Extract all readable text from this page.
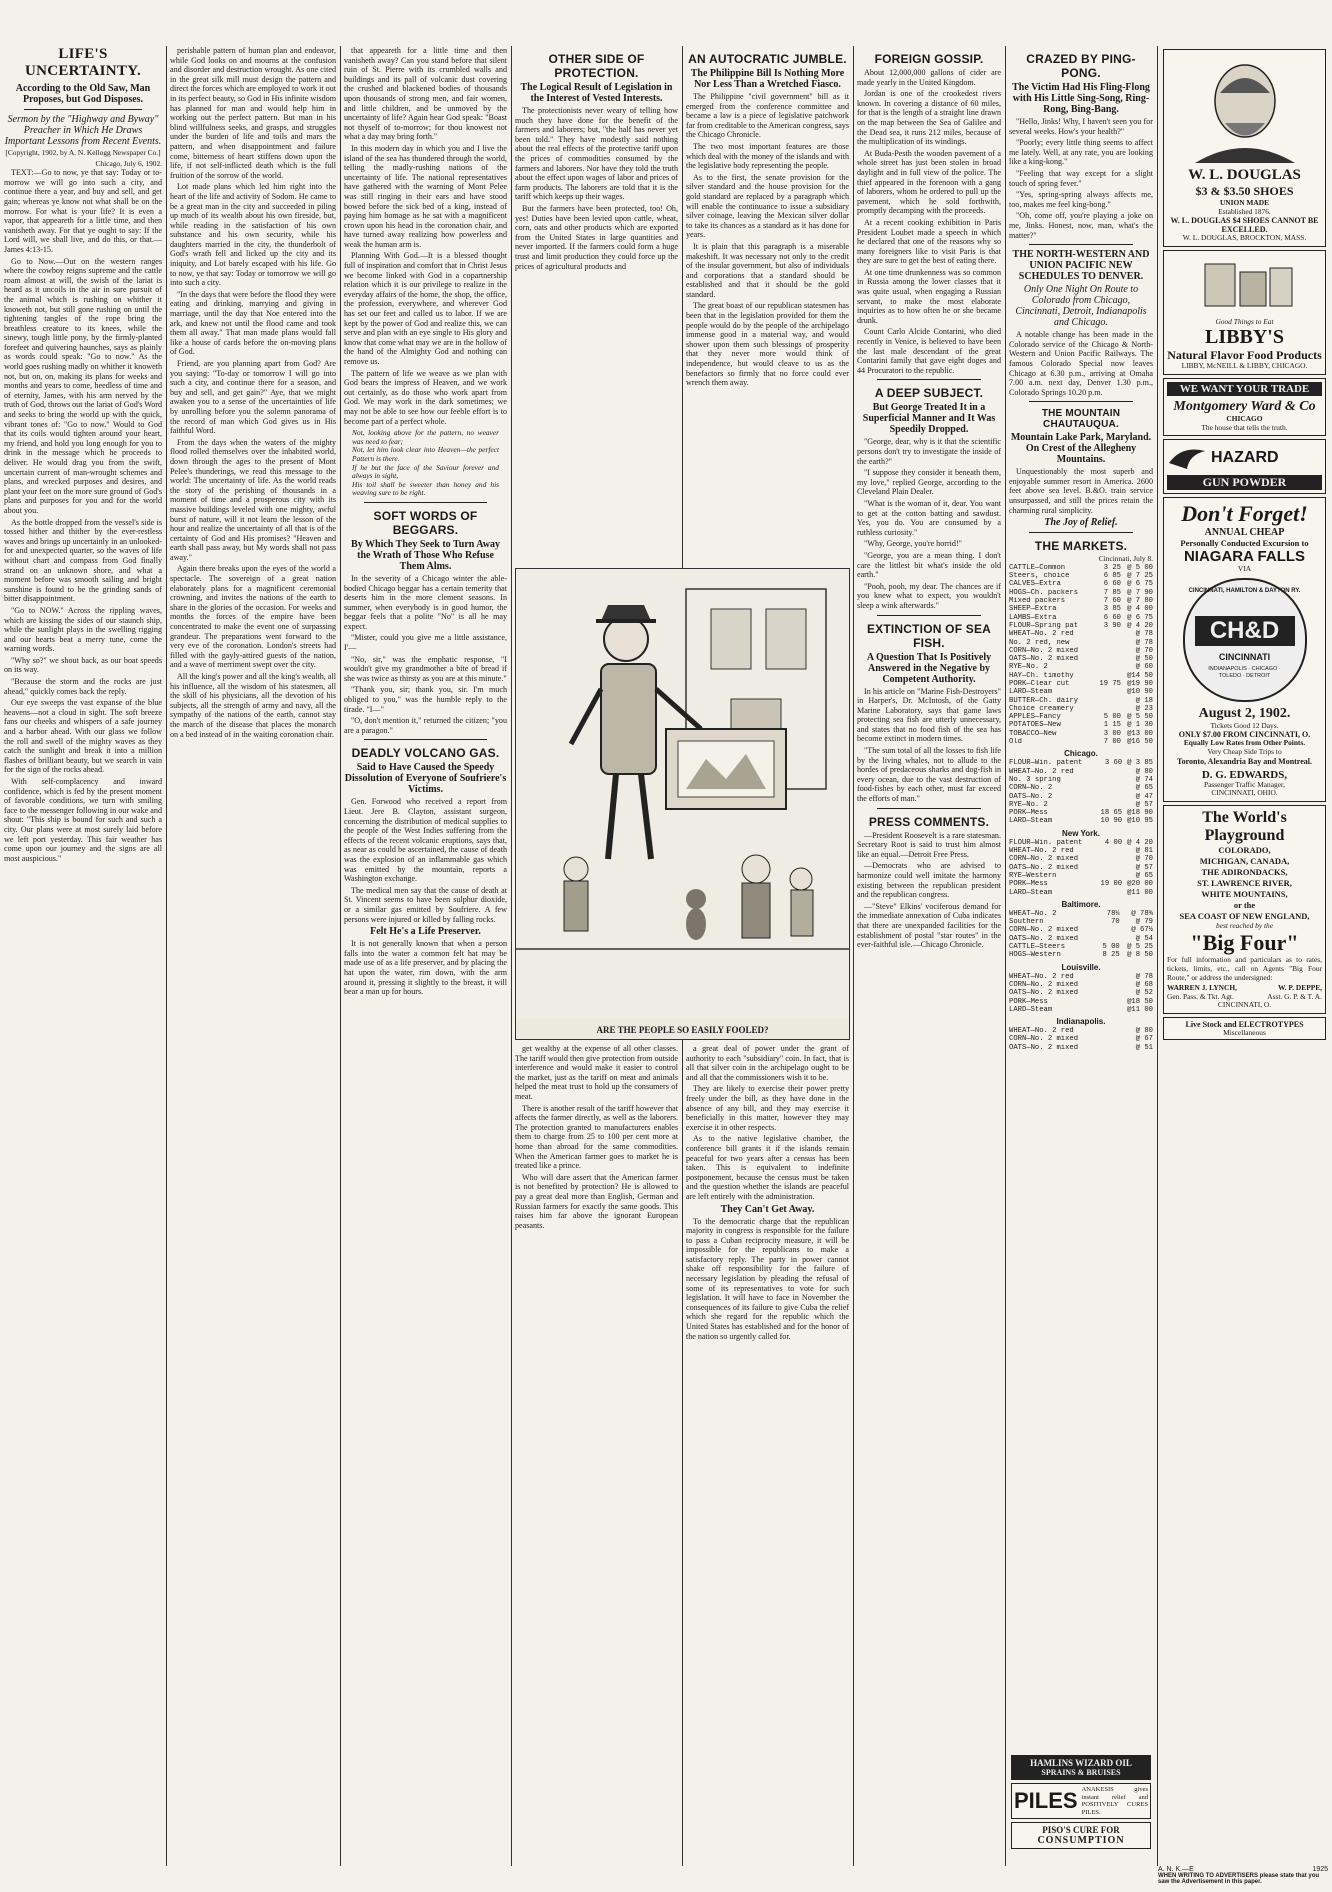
LIFE'S UNCERTAINTY.
According to the Old Saw, Man Proposes, but God Disposes.
Sermon by the "Highway and Byway" Preacher in Which He Draws Important Lessons from Recent Events.
[Copyright, 1902, by A. N. Kellogg Newspaper Co.]
Chicago, July 6, 1902.

TEXT:—Go to now, ye that say: Today or to-morrow we will go into such a city, and continue there a year, and buy and sell, and get gain; whereas ye know not what shall be on the morrow. For what is your life? It is even a vapor, that appeareth for a little time, and then vanisheth away. For that ye ought to say: If the Lord will, we shall live, and do this, or that.—James 4:13-15.

Go to Now.—Out on the western ranges where the cowboy reigns supreme and the cattle roam almost at will, the swish of the lariat is heard as it uncoils in the air in sure pursuit of the animal which is rushing on whither it knoweth not, but still gone rushing on until the tightening tangles of the rope bring the breathless creature to its knees, while the sinewy, tough little pony, by the firmly-planted forefeet and quivering haunches, says as plainly as words could speak: "Go to now." As the world goes rushing madly on whither it knoweth not, but on, on, making its plans for weeks and months and years to come, heedless of time and of eternity, James, with his arm nerved by the truth of God, throws out the lariat of God's Word and seeks to bring the world up with the quick, vibrant tones of: "Go to now." Would to God that its coils would tighten around your heart, my friend, and hold you long enough for you to drink in the message which he proceeds to deliver. He would drag you from the swift, uncertain current of man-wrought schemes and plans, and wrecked purposes and desires, and plant your feet on the more sure ground of God's plans and purposes for you and for the world about you.

As the bottle dropped from the vessel's side is tossed hither and thither by the ever-restless waves and brings up uncertainly in an unlooked-for and unexpected quarter, so the waves of life without chart and compass from God finally strand on an unknown shore, and what a moment before was smooth sailing and bright sunshine is found to be the grinding sands of bitter disappointment.

"Go to NOW." Across the rippling waves, which are kissing the sides of our staunch ship, while the sunlight plays in the swelling rigging and our hearts beat a merry tune, come the warning words.

"Why so?" we shout back, as our boat speeds on its way.

"Because the storm and the rocks are just ahead," quickly comes back the reply.

Our eye sweeps the vast expanse of the blue heavens—not a cloud in sight. The soft breeze fans our cheeks and whispers of a safe journey and a harbor ahead. With our glass we follow the roll and swell of the mighty waves as they catch the sunlight and break it into a million flashes of brilliant beauty, but we search in vain for the sign of the rocks ahead.

With self-complacency and inward confidence, which is fed by the present moment of favorable conditions, we turn with smiling face to the messenger following in our wake and shout: "This ship is bound for such and such a city. Our plans were at most surely laid before we left port yesterday. This fair weather has come upon our journey and the signs are all most auspicious."

perishable pattern of human plan and endeavor, while God looks on and mourns at the confusion and disorder and destruction wrought. As one cited in the great silk mill must design the pattern and direct the forces which are employed to work it out in its perfect beauty, so God in His infinite wisdom has planned for man and would help him in working out the perfect pattern. But man in his blind willfulness seeks, and grasps, and struggles under the burden of life and toils and mars the pattern, and when disappointment and failure come, bitterness of heart stiffens down upon the life, if not self-inflicted death which is the full fruition of the sorrow of the world.

Lot made plans which led him right into the heart of the life and activity of Sodom. He came to be a great man in the city and succeeded in piling up much of its wealth about his own fireside, but, while reading in the satisfaction of his own substance and his own security, while his daughters married in the city, the thunderbolt of God's wrath fell and licked up the city and its iniquity, and Lot barely escaped with his life. Go to now, ye that say: Today or tomorrow we will go into such a city.

"In the days that were before the flood they were eating and drinking, marrying and giving in marriage, until the day that Noe entered into the ark, and knew not until the flood came and took them all away." That man made plans would fall like a house of cards before the on-moving plans of God.

Friend, are you planning apart from God? Are you saying: "To-day or tomorrow I will go into such a city, and continue there for a season, and buy and sell, and get gain?" Aye, that we might awaken you to a sense of the uncertainties of life by unrolling before you the solemn panorama of the record of man which God gives us in His faithful Word.

From the days when the waters of the mighty flood rolled themselves over the inhabited world, down through the ages to the present of Mont Pelee's thunderings, we read this message to the world: The uncertainty of life. As the world reads the story of the perishing of thousands in a moment of time and a prosperous city with its massive buildings leveled with one mighty, awful burst of nature, will it not learn the lesson of the hour and realize the uncertainty of all that is of the certainty of God and His promises? "Heaven and earth shall pass away, but My words shall not pass away."

Again there breaks upon the eyes of the world a spectacle. The sovereign of a great nation elaborately plans for a magnificent ceremonial crowning, and invites the nations of the earth to share in the glories of the occasion. For weeks and months the forces of the empire have been concentrated to make the event one of surpassing grandeur. The preparations went forward to the very eve of the coronation. London's streets had filled with the gayly-attired guests of the nation, and a wave of merriment swept over the city.

All the king's power and all the king's wealth, all his influence, all the wisdom of his statesmen, all the skill of his physicians, all the devotion of his subjects, all the strength of army and navy, all the sympathy of the nations of the earth, cannot stay the march of the disease that places the monarch on a bed instead of in the waiting coronation chair.

that appeareth for a little time and then vanisheth away? Can you stand before that silent ruin of St. Pierre with its crumbled walls and buildings and its pall of volcanic dust covering the crushed and blackened bodies of thousands upon thousands of strong men, and fair women, and little children, and be unmoved by the uncertainty of life? Again hear God speak: "Boast not thyself of to-morrow; for thou knowest not what a day may bring forth."

In this modern day in which you and I live the island of the sea has thundered through the world, telling the madly-rushing nations of the uncertainty of life. The national representatives have gathered with the warning of Mont Pelee was still ringing in their ears and have stood bowed before the sick bed of a king, instead of paying him homage as he sat with a magnificent crown upon his head in the coronation chair, and have turned away realizing how powerless and weak the human arm is.

Planning With God.—It is a blessed thought full of inspiration and comfort that in Christ Jesus we become linked with God in a copartnership relation which it is our privilege to realize in the everyday affairs of the home, the shop, the office, the profession, everywhere, and wherever God has set our feet and called us to labor. If we are kept by the power of God and realize this, we can serve and plan with an eye single to His glory and know that come what may we are in the hollow of the hand of the Almighty God and nothing can remove us.

The pattern of life we weave as we plan with God bears the impress of Heaven, and we work out certainly, as do those who work apart from God. We may work in the dark sometimes; we may not be able to see how our feeble effort is to become part of a perfect whole.

Not, looking above for the pattern, no weaver was need to fear;
Not, let him look clear into Heaven—the perfect Pattern is there.
If he but the face of the Saviour forever and always in sight,
His toil shall be sweeter than honey and his weaving sure to be right.
SOFT WORDS OF BEGGARS.
By Which They Seek to Turn Away the Wrath of Those Who Refuse Them Alms.

In the severity of a Chicago winter the able-bodied Chicago beggar has a certain temerity that deserts him in the more clement seasons. In summer, when everybody is in good humor, the beggar feels that a polite "No" is all he may expect.

"Mister, could you give me a little assistance, I'—

"No, sir," was the emphatic response, "I wouldn't give my grandmother a bite of bread if she was twice as thirsty as you are at this minute."

"Thank you, sir; thank you, sir. I'm much obliged to you," was the humble reply to the tirade. "I—"

"O, don't mention it," returned the citizen; "you are a paragon."

DEADLY VOLCANO GAS.
Said to Have Caused the Speedy Dissolution of Everyone of Soufriere's Victims.

Gen. Forwood who received a report from Lieut. Jere B. Clayton, assistant surgeon, concerning the distribution of medical supplies to the people of the West Indies suffering from the effects of the recent volcanic eruptions, says that, as near as could be ascertained, the cause of death was the explosion of an inflammable gas which was emitted by the mountain, reports a Washington exchange.

The medical men say that the cause of death at St. Vincent seems to have been sulphur dioxide, or a similar gas emitted by Soufriere. A few persons were injured or killed by falling rocks.

Felt He's a Life Preserver.

It is not generally known that when a person falls into the water a common felt hat may be made use of as a life preserver, and by placing the hat upon the water, rim down, with the arm around it, pressing it slightly to the breast, it will bear a man up for hours.

OTHER SIDE OF PROTECTION.
The Logical Result of Legislation in the Interest of Vested Interests.

The protectionists never weary of telling how much they have done for the benefit of the farmers and laborers; but, "the half has never yet been told." They have modestly said nothing about the real effects of the protective tariff upon the prices of commodities consumed by the farmers and laborers. Nor have they told the truth about the effect upon wages of labor and prices of farm products. The laborers are told that it is the tariff which keeps up their wages.

But the farmers have been protected, too! Oh, yes! Duties have been levied upon cattle, wheat, corn, oats and other products which are exported from the United States in large quantities and never imported. If the farmers could form a huge trust and limit production they could force up the prices of agricultural products and

AN AUTOCRATIC JUMBLE.
The Philippine Bill Is Nothing More Nor Less Than a Wretched Fiasco.

The Philippine "civil government" bill as it emerged from the conference committee and became a law is a piece of legislative patchwork far from creditable to the American congress, says the Chicago Chronicle.

The two most important features are those which deal with the money of the islands and with the legislative body representing the people.

As to the first, the senate provision for the silver standard and the house provision for the gold standard are replaced by a paragraph which will enable the continuance to issue a subsidiary silver coinage, leaving the Mexican silver dollar to take its chances as a standard as it has done for years.

It is plain that this paragraph is a miserable makeshift. It was necessary not only to the credit of the insular government, but also of individuals and corporations that a standard should be established and that it should be the gold standard.

The great boast of our republican statesmen has been that in the legislation provided for them the people would do by the people of the archipelago immense good in a material way, and would shower upon them such blessings of prosperity that they never more would think of independence, but would cleave to us as the benefactors so firmly that no force could ever wrench them away.

ARE THE PEOPLE SO EASILY FOOLED?

get wealthy at the expense of all other classes. The tariff would then give protection from outside interference and would make it easier to control the market, just as the tariff on meat and animals helped the meat trust to hold up the consumers of meat.

There is another result of the tariff however that affects the farmer directly, as well as the laborers. The protection granted to manufacturers enables them to charge from 25 to 100 per cent more at home than abroad for the same commodities. When the American farmer goes to market he is treated like a prince.

Who will dare assert that the American farmer is not benefited by protection? He is allowed to pay a great deal more than English, German and Russian farmers for exactly the same goods. This raises him far above the ignorant European peasants.

a great deal of power under the grant of authority to each "subsidiary" coin. In fact, that is all that silver coin in the archipelago ought to be and all that the commissioners wish it to be.

They are likely to exercise their power pretty freely under the bill, as they have done in the absence of any bill, and they may exercise it beneficially in this matter, however they may exercise it in other respects.

As to the native legislative chamber, the conference bill grants it if the islands remain peaceful for two years after a census has been taken. This is equivalent to indefinite postponement, because the census must be taken and the question whether the islands are peaceful are left entirely with the administration.

They Can't Get Away.

To the democratic charge that the republican majority in congress is responsible for the failure to pass a Cuban reciprocity measure, it will be impossible for the republicans to make a satisfactory reply. The party in power cannot shake off responsibility for the failure of necessary legislation by pleading the refusal of some of its representatives to vote for such legislation. It will have to face in November the consequences of its failure to give Cuba the relief which she regard for the republic which the United States has established and for the honor of the nation so urgently called for.

FOREIGN GOSSIP.

About 12,000,000 gallons of cider are made yearly in the United Kingdom.

Jordan is one of the crookedest rivers known. In covering a distance of 60 miles, for that is the length of a straight line drawn on the map between the Sea of Galilee and the Dead sea, it runs 212 miles, because of the multiplication of its windings.

At Buda-Pesth the wooden pavement of a whole street has just been stolen in broad daylight and in full view of the police. The thief appeared in the forenoon with a gang of laborers, whom he ordered to pull up the pavement, which he sold forthwith, promptly decamping with the proceeds.

At a recent cooking exhibition in Paris President Loubet made a speech in which he declared that one of the reasons why so many foreigners like to visit Paris is that they are sure to get the best of eating there.

At one time drunkenness was so common in Russia among the lower classes that it was quite usual, when engaging a Russian servant, to make the most elaborate inquiries as to how often he or she became drunk.

Count Carlo Alcide Contarini, who died recently in Venice, is believed to have been the last male descendant of the great Contarini family that gave eight doges and 44 Procuratori to the republic.

A DEEP SUBJECT.
But George Treated It in a Superficial Manner and It Was Speedily Dropped.

"George, dear, why is it that the scientific persons don't try to investigate the inside of the earth?"

"I suppose they consider it beneath them, my love," replied George, according to the Cleveland Plain Dealer.

"What is the woman of it, dear. You want to get at the cotton batting and sawdust. Yes, you do. You are consumed by a ruthless curiosity."

"Why, George, you're horrid!"

"George, you are a mean thing. I don't care the littlest bit what's inside the old earth."

"Pooh, pooh, my dear. The chances are if you knew what to expect, you wouldn't sleep a wink afterwards."

EXTINCTION OF SEA FISH.
A Question That Is Positively Answered in the Negative by Competent Authority.

In his article on "Marine Fish-Destroyers" in Harper's, Dr. McIntosh, of the Gatty Marine Laboratory, says that game laws protecting sea fish are utterly unnecessary, and states that no food fish of the sea has become extinct in modern times.

"The sum total of all the losses to fish life by the living whales, not to allude to the hordes of predaceous sharks and dog-fish in every ocean, due to the vast destruction of food-fishes by each other, must far exceed the efforts of man."

PRESS COMMENTS.

—President Roosevelt is a rare statesman. Secretary Root is said to trust him almost like an equal.—Detroit Free Press.

—Democrats who are advised to harmonize could well imitate the harmony existing between the republican president and the republican congress.

—"Steve" Elkins' vociferous demand for the immediate annexation of Cuba indicates that there are unexpanded facilities for the establishment of postal "star routes" in the ever-faithful isle.—Chicago Chronicle.

CRAZED BY PING-PONG.
The Victim Had His Fling-Flong with His Little Sing-Song, Ring-Rong, Bing-Bang.

"Hello, Jinks! Why, I haven't seen you for several weeks. How's your health?"

"Poorly; every little thing seems to affect me lately. Well, at any rate, you are looking like a king-kong."

"Feeling that way except for a slight touch of spring fever."

"Yes, spring-spring always affects me, too, makes me feel king-bong."

"Oh, come off, you're playing a joke on me, Jinks. Honest, now, man, what's the matter?"

THE NORTH-WESTERN AND UNION PACIFIC NEW SCHEDULES TO DENVER.
Only One Night On Route to Colorado from Chicago, Cincinnati, Detroit, Indianapolis and Chicago.

A notable change has been made in the Colorado service of the Chicago & North-Western and Union Pacific Railways. The famous Colorado Special now leaves Chicago at 6.30 p.m., arriving at Omaha 7.00 a.m. next day, Denver 1.30 p.m., Colorado Springs 10.20 p.m.

THE MOUNTAIN CHAUTAUQUA.
Mountain Lake Park, Maryland. On Crest of the Allegheny Mountains.

Unquestionably the most superb and enjoyable summer resort in America. 2600 feet above sea level. B.&O. train service unsurpassed, and still the prices retain the charming rural simplicity.

The Joy of Relief.
THE MARKETS.
Cincinnati, July 8.
CATTLE—Common	3 25	@ 5 00
Steers, choice	6 85	@ 7 25
CALVES—Extra	6 60	@ 6 75
HOGS—Ch. packers	7 85	@ 7 90
Mixed packers	7 60	@ 7 80
SHEEP—Extra	3 85	@ 4 00
LAMBS—Extra	6 60	@ 6 75
FLOUR—Spring pat	3 90	@ 4 20
WHEAT—No. 2 red		@ 78
No. 2 red, new		@ 78
CORN—No. 2 mixed		@ 70
OATS—No. 2 mixed		@ 50
RYE—No. 2		@ 60
HAY—Ch. timothy		@14 50
PORK—Clear cut	19 75	@19 90
LARD—Steam		@10 90
BUTTER—Ch. dairy		@ 18
Choice creamery		@ 23
APPLES—Fancy	5 00	@ 5 50
POTATOES—New	1 15	@ 1 30
TOBACCO—New	3 00	@13 00
Old	7 00	@16 50
Chicago.
FLOUR—Win. patent	3 60	@ 3 85
WHEAT—No. 2 red		@ 80
No. 3 spring		@ 74
CORN—No. 2		@ 65
OATS—No. 2		@ 47
RYE—No. 2		@ 57
PORK—Mess	18 65	@18 90
LARD—Steam	10 90	@10 95
New York.
FLOUR—Win. patent	4 00	@ 4 20
WHEAT—No. 2 red		@ 81
CORN—No. 2 mixed		@ 70
OATS—No. 2 mixed		@ 57
RYE—Western		@ 65
PORK—Mess	19 00	@20 00
LARD—Steam		@11 00
Baltimore.
WHEAT—No. 2	78¼	@ 78¾
Southern	70	@ 79
CORN—No. 2 mixed		@ 67½
OATS—No. 2 mixed		@ 54
CATTLE—Steers	5 00	@ 5 25
HOGS—Western	8 25	@ 8 50
Louisville.
WHEAT—No. 2 red		@ 78
CORN—No. 2 mixed		@ 68
OATS—No. 2 mixed		@ 52
PORK—Mess		@18 50
LARD—Steam		@11 00
Indianapolis.
WHEAT—No. 2 red		@ 80
CORN—No. 2 mixed		@ 67
OATS—No. 2 mixed		@ 51
HAMLINS WIZARD OIL
SPRAINS & BRUISES
PILES ANAKESIS gives instant relief and POSITIVELY CURES PILES.
PISO'S CURE FOR
CONSUMPTION
W. L. DOUGLAS
$3 & $3.50 SHOES
UNION MADE
Established 1876.
W. L. DOUGLAS $4 SHOES CANNOT BE EXCELLED.
W. L. DOUGLAS, BROCKTON, MASS.
Good Things to Eat
LIBBY'S
Natural Flavor Food Products
LIBBY, McNEILL & LIBBY, CHICAGO.
WE WANT YOUR TRADE
Montgomery Ward & Co
CHICAGO
The house that tells the truth.
HAZARD
GUN POWDER
Don't Forget!
ANNUAL CHEAP
Personally Conducted Excursion to
NIAGARA FALLS
VIA
CINCINNATI, HAMILTON & DAYTON RY.
CH&D
CINCINNATI
INDIANAPOLIS · CHICAGO · TOLEDO · DETROIT
August 2, 1902.
Tickets Good 12 Days.
ONLY $7.00 FROM CINCINNATI, O.
Equally Low Rates from Other Points.
Very Cheap Side Trips to
Toronto, Alexandria Bay and Montreal.
D. G. EDWARDS,
Passenger Traffic Manager,
CINCINNATI, OHIO.
The World's Playground
COLORADO,
MICHIGAN, CANADA,
THE ADIRONDACKS,
ST. LAWRENCE RIVER,
WHITE MOUNTAINS,
or the
SEA COAST OF NEW ENGLAND,
best reached by the
"Big Four"
For full information and particulars as to rates, tickets, limits, etc., call on Agents "Big Four Route," or address the undersigned:
WARREN J. LYNCH,	W. P. DEPPE,
Gen. Pass. & Tkt. Agt.	Asst. G. P. & T. A.
CINCINNATI, O.
Live Stock and ELECTROTYPES
Miscellaneous
A. N. K.—E	1925
WHEN WRITING TO ADVERTISERS please state that you saw the Advertisement in this paper.
